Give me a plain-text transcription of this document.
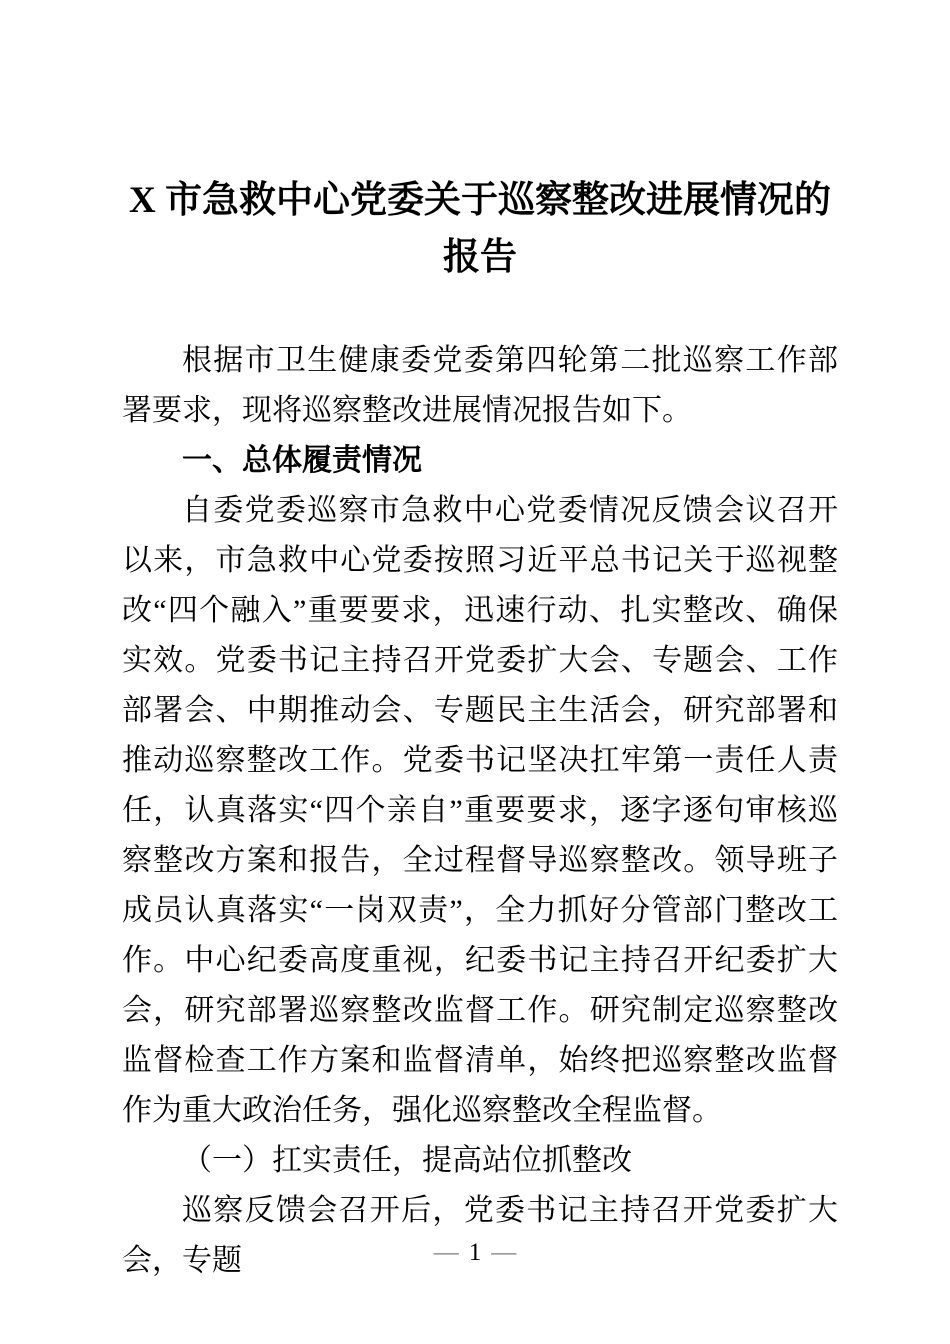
X 市急救中心党委关于巡察整改进展情况的报告

根据市卫生健康委党委第四轮第二批巡察工作部署要求，现将巡察整改进展情况报告如下。

一、总体履责情况

自委党委巡察市急救中心党委情况反馈会议召开以来，市急救中心党委按照习近平总书记关于巡视整改“四个融入”重要要求，迅速行动、扎实整改、确保实效。党委书记主持召开党委扩大会、专题会、工作部署会、中期推动会、专题民主生活会，研究部署和推动巡察整改工作。党委书记坚决扛牢第一责任人责任，认真落实“四个亲自”重要要求，逐字逐句审核巡察整改方案和报告，全过程督导巡察整改。领导班子成员认真落实“一岗双责”，全力抓好分管部门整改工作。中心纪委高度重视，纪委书记主持召开纪委扩大会，研究部署巡察整改监督工作。研究制定巡察整改监督检查工作方案和监督清单，始终把巡察整改监督作为重大政治任务，强化巡察整改全程监督。

（一）扛实责任，提高站位抓整改

巡察反馈会召开后，党委书记主持召开党委扩大会，专题	— 1 —
